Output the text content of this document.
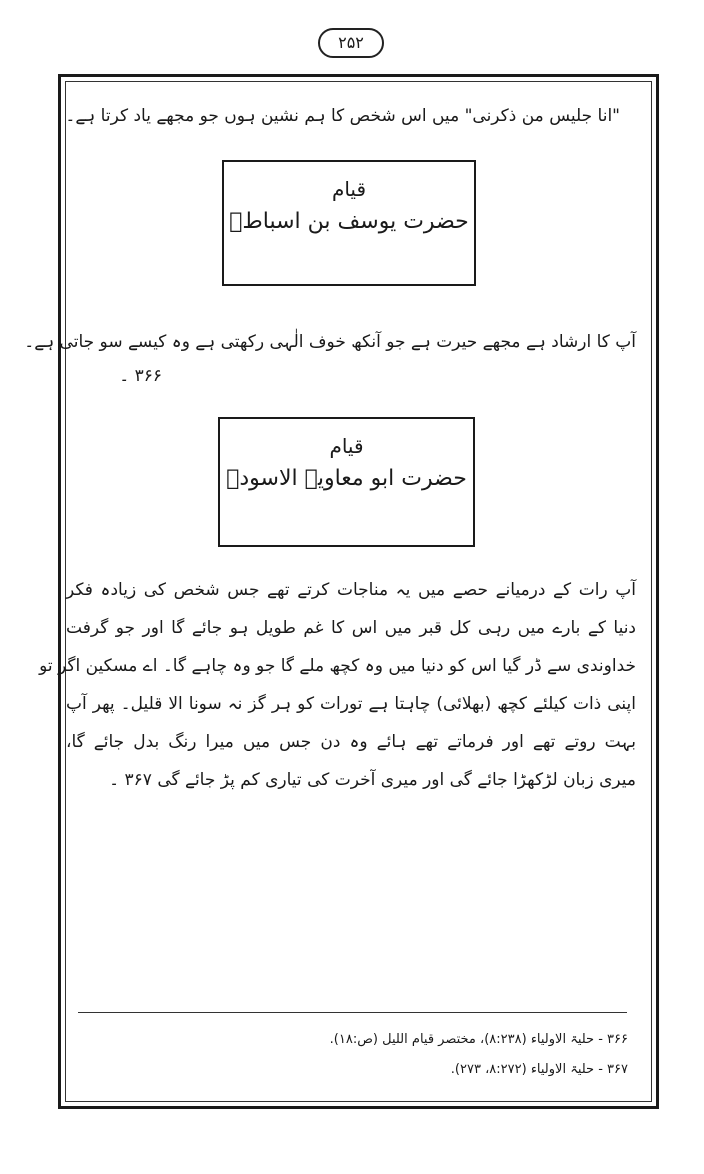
۲۵۲
"انا جلیس من ذکرنی" میں اس شخص کا ہم نشین ہوں جو مجھے یاد کرتا ہے۔
قیام
حضرت یوسف بن اسباطؒ
آپ کا ارشاد ہے مجھے حیرت ہے جو آنکھ خوف الٰہی رکھتی ہے وہ کیسے سو جاتی ہے۔
۳۶۶ ۔
قیام
حضرت ابو معاویہ الاسودؒ
آپ رات کے درمیانے حصے میں یہ مناجات کرتے تھے جس شخص کی زیادہ فکر
دنیا کے بارے میں رہی کل قبر میں اس کا غم طویل ہو جائے گا اور جو گرفت
خداوندی سے ڈر گیا اس کو دنیا میں وہ کچھ ملے گا جو وہ چاہے گا۔ اے مسکین اگر تو
اپنی ذات کیلئے کچھ (بھلائی) چاہتا ہے تورات کو ہر گز نہ سونا الا قلیل۔ پھر آپ
بہت روتے تھے اور فرماتے تھے ہائے وہ دن جس میں میرا رنگ بدل جائے گا،
میری زبان لڑکھڑا جائے گی اور میری آخرت کی تیاری کم پڑ جائے گی ۳۶۷ ۔
۳۶۶ - حلیۃ الاولیاء (۸:۲۳۸)، مختصر قیام اللیل (ص:۱۸).
۳۶۷ - حلیۃ الاولیاء (۸:۲۷۲، ۲۷۳).
